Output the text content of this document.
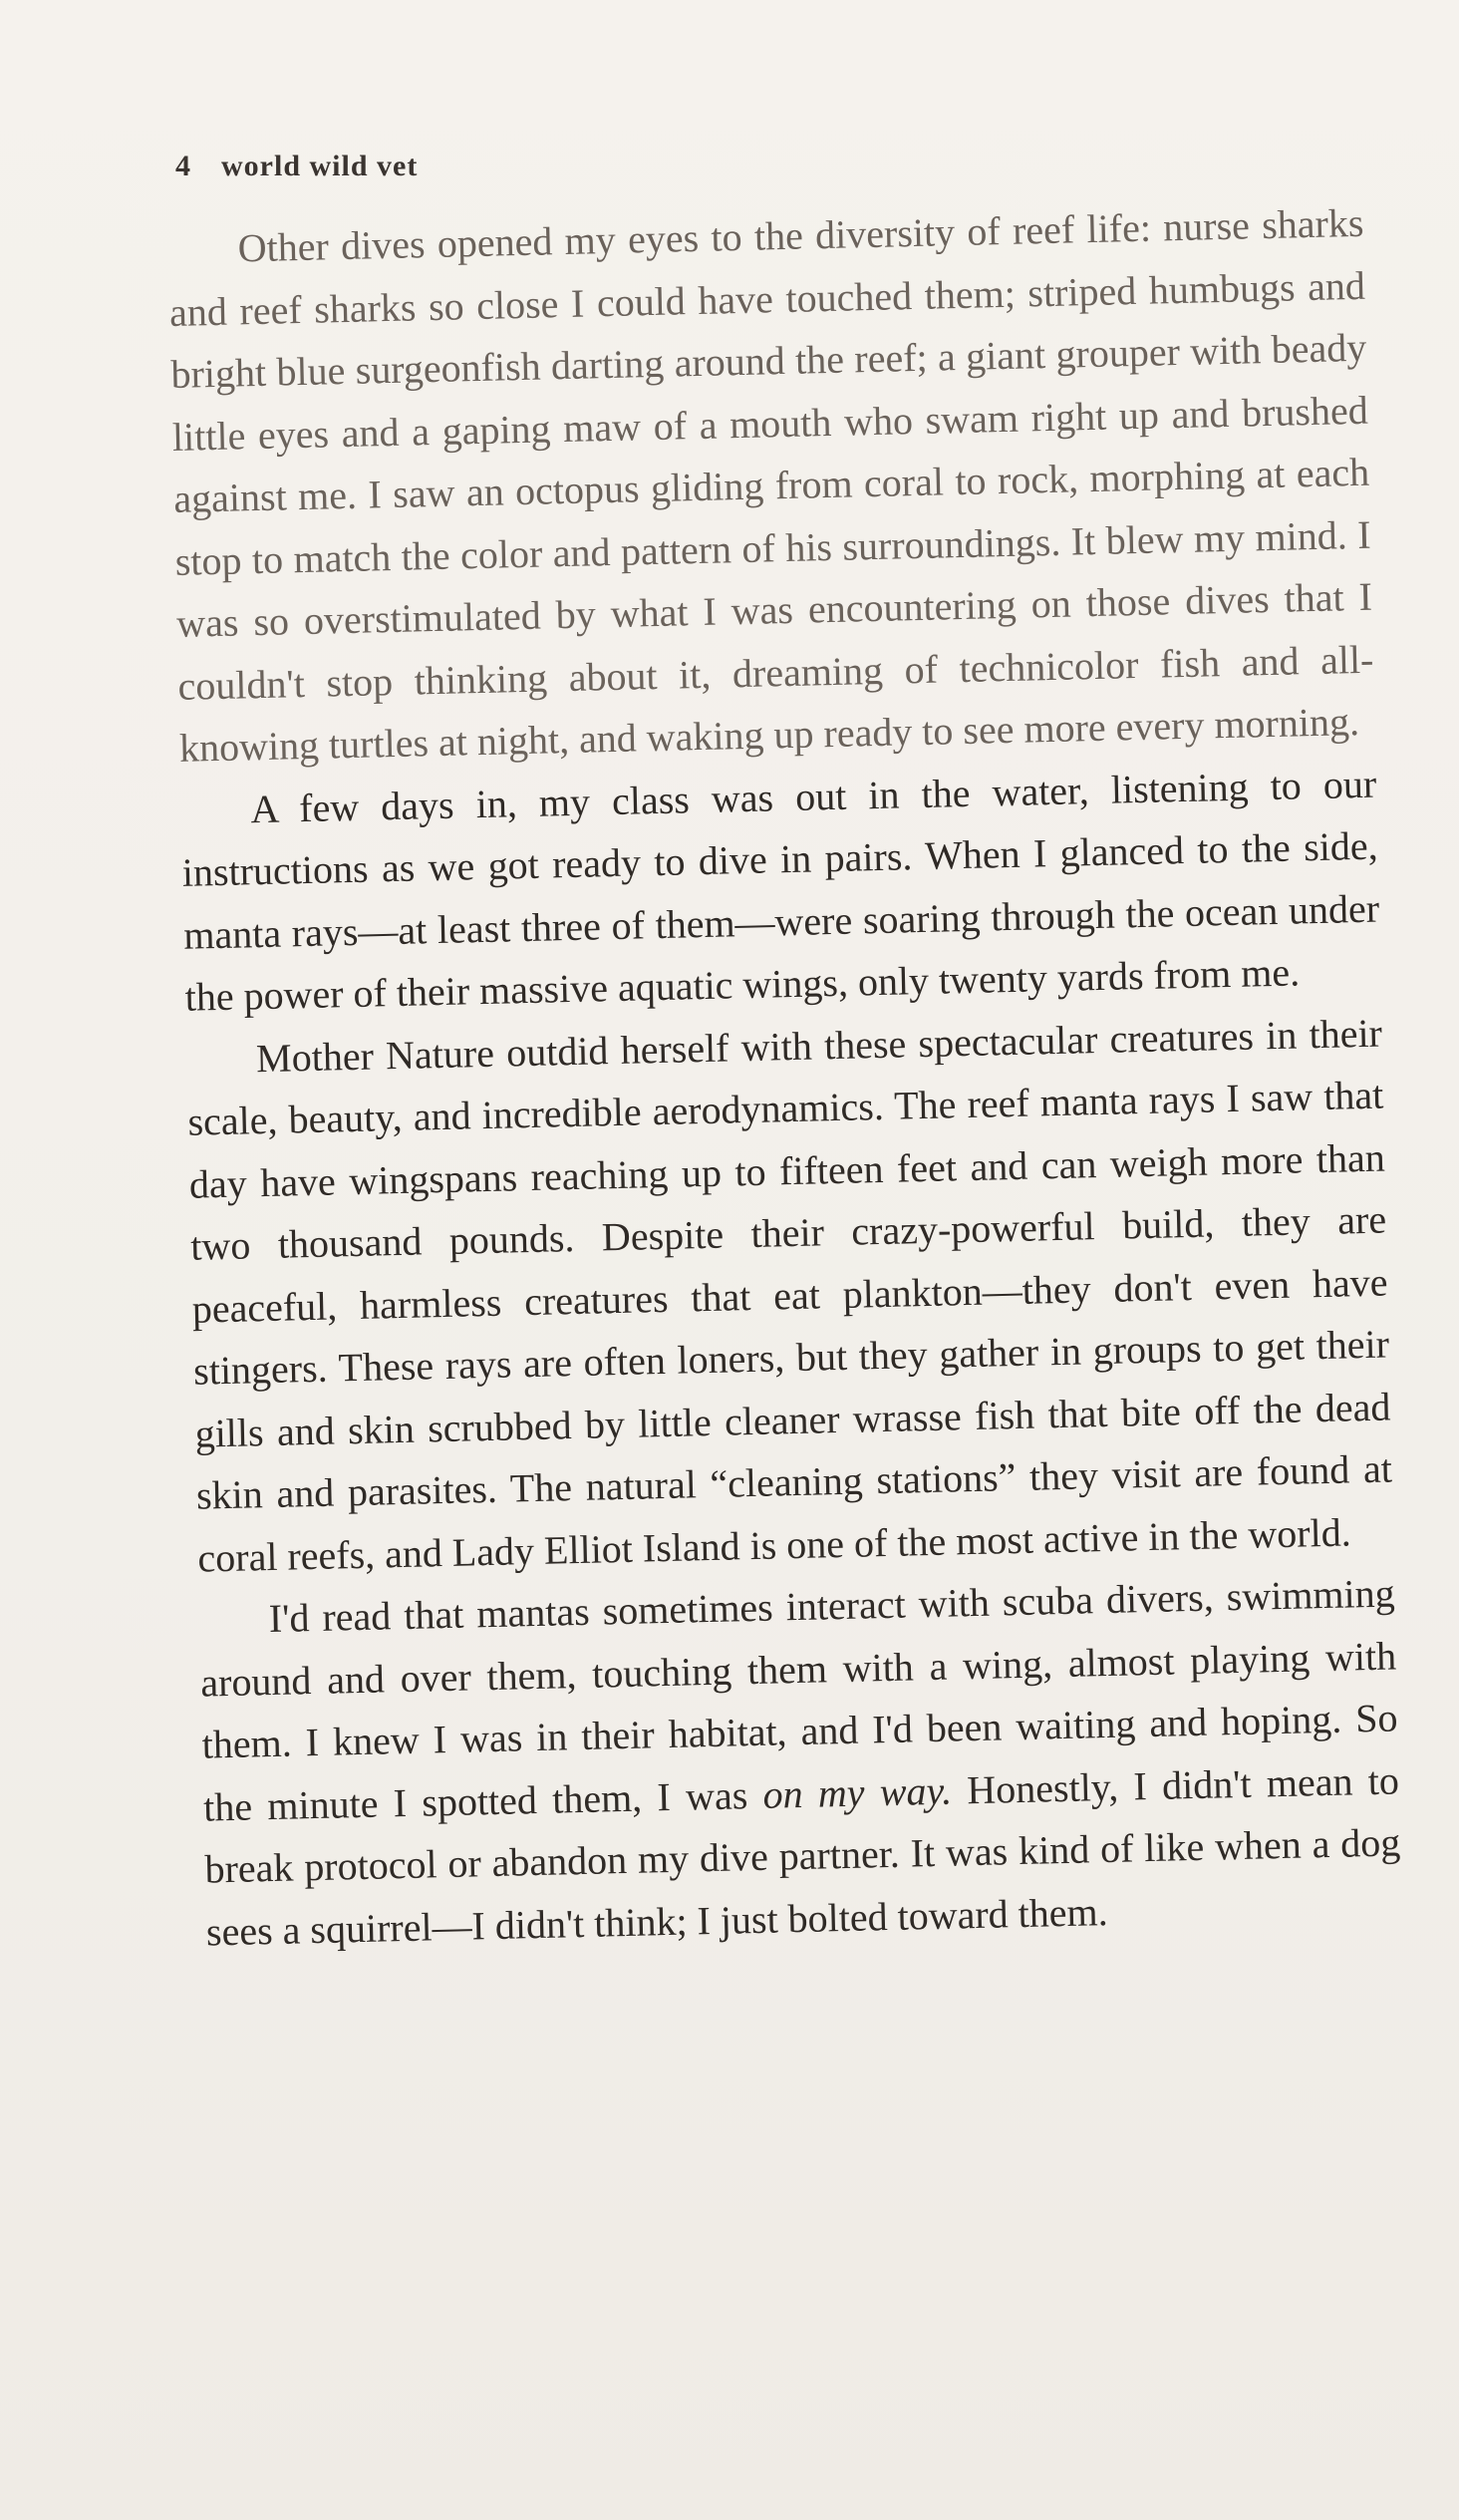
4 world wild vet

Other dives opened my eyes to the diversity of reef life: nurse sharks and reef sharks so close I could have touched them; striped humbugs and bright blue surgeonfish darting around the reef; a giant grouper with beady little eyes and a gaping maw of a mouth who swam right up and brushed against me. I saw an octopus gliding from coral to rock, morphing at each stop to match the color and pattern of his surroundings. It blew my mind. I was so overstimulated by what I was encountering on those dives that I couldn't stop thinking about it, dreaming of technicolor fish and all-knowing turtles at night, and waking up ready to see more every morning.

A few days in, my class was out in the water, listening to our instructions as we got ready to dive in pairs. When I glanced to the side, manta rays—at least three of them—were soaring through the ocean under the power of their massive aquatic wings, only twenty yards from me.

Mother Nature outdid herself with these spectacular creatures in their scale, beauty, and incredible aerodynamics. The reef manta rays I saw that day have wingspans reaching up to fifteen feet and can weigh more than two thousand pounds. Despite their crazy-powerful build, they are peaceful, harmless creatures that eat plankton—they don't even have stingers. These rays are often loners, but they gather in groups to get their gills and skin scrubbed by little cleaner wrasse fish that bite off the dead skin and parasites. The natural “cleaning stations” they visit are found at coral reefs, and Lady Elliot Island is one of the most active in the world.

I'd read that mantas sometimes interact with scuba divers, swimming around and over them, touching them with a wing, almost playing with them. I knew I was in their habitat, and I'd been waiting and hoping. So the minute I spotted them, I was on my way. Honestly, I didn't mean to break protocol or abandon my dive partner. It was kind of like when a dog sees a squirrel—I didn't think; I just bolted toward them.
